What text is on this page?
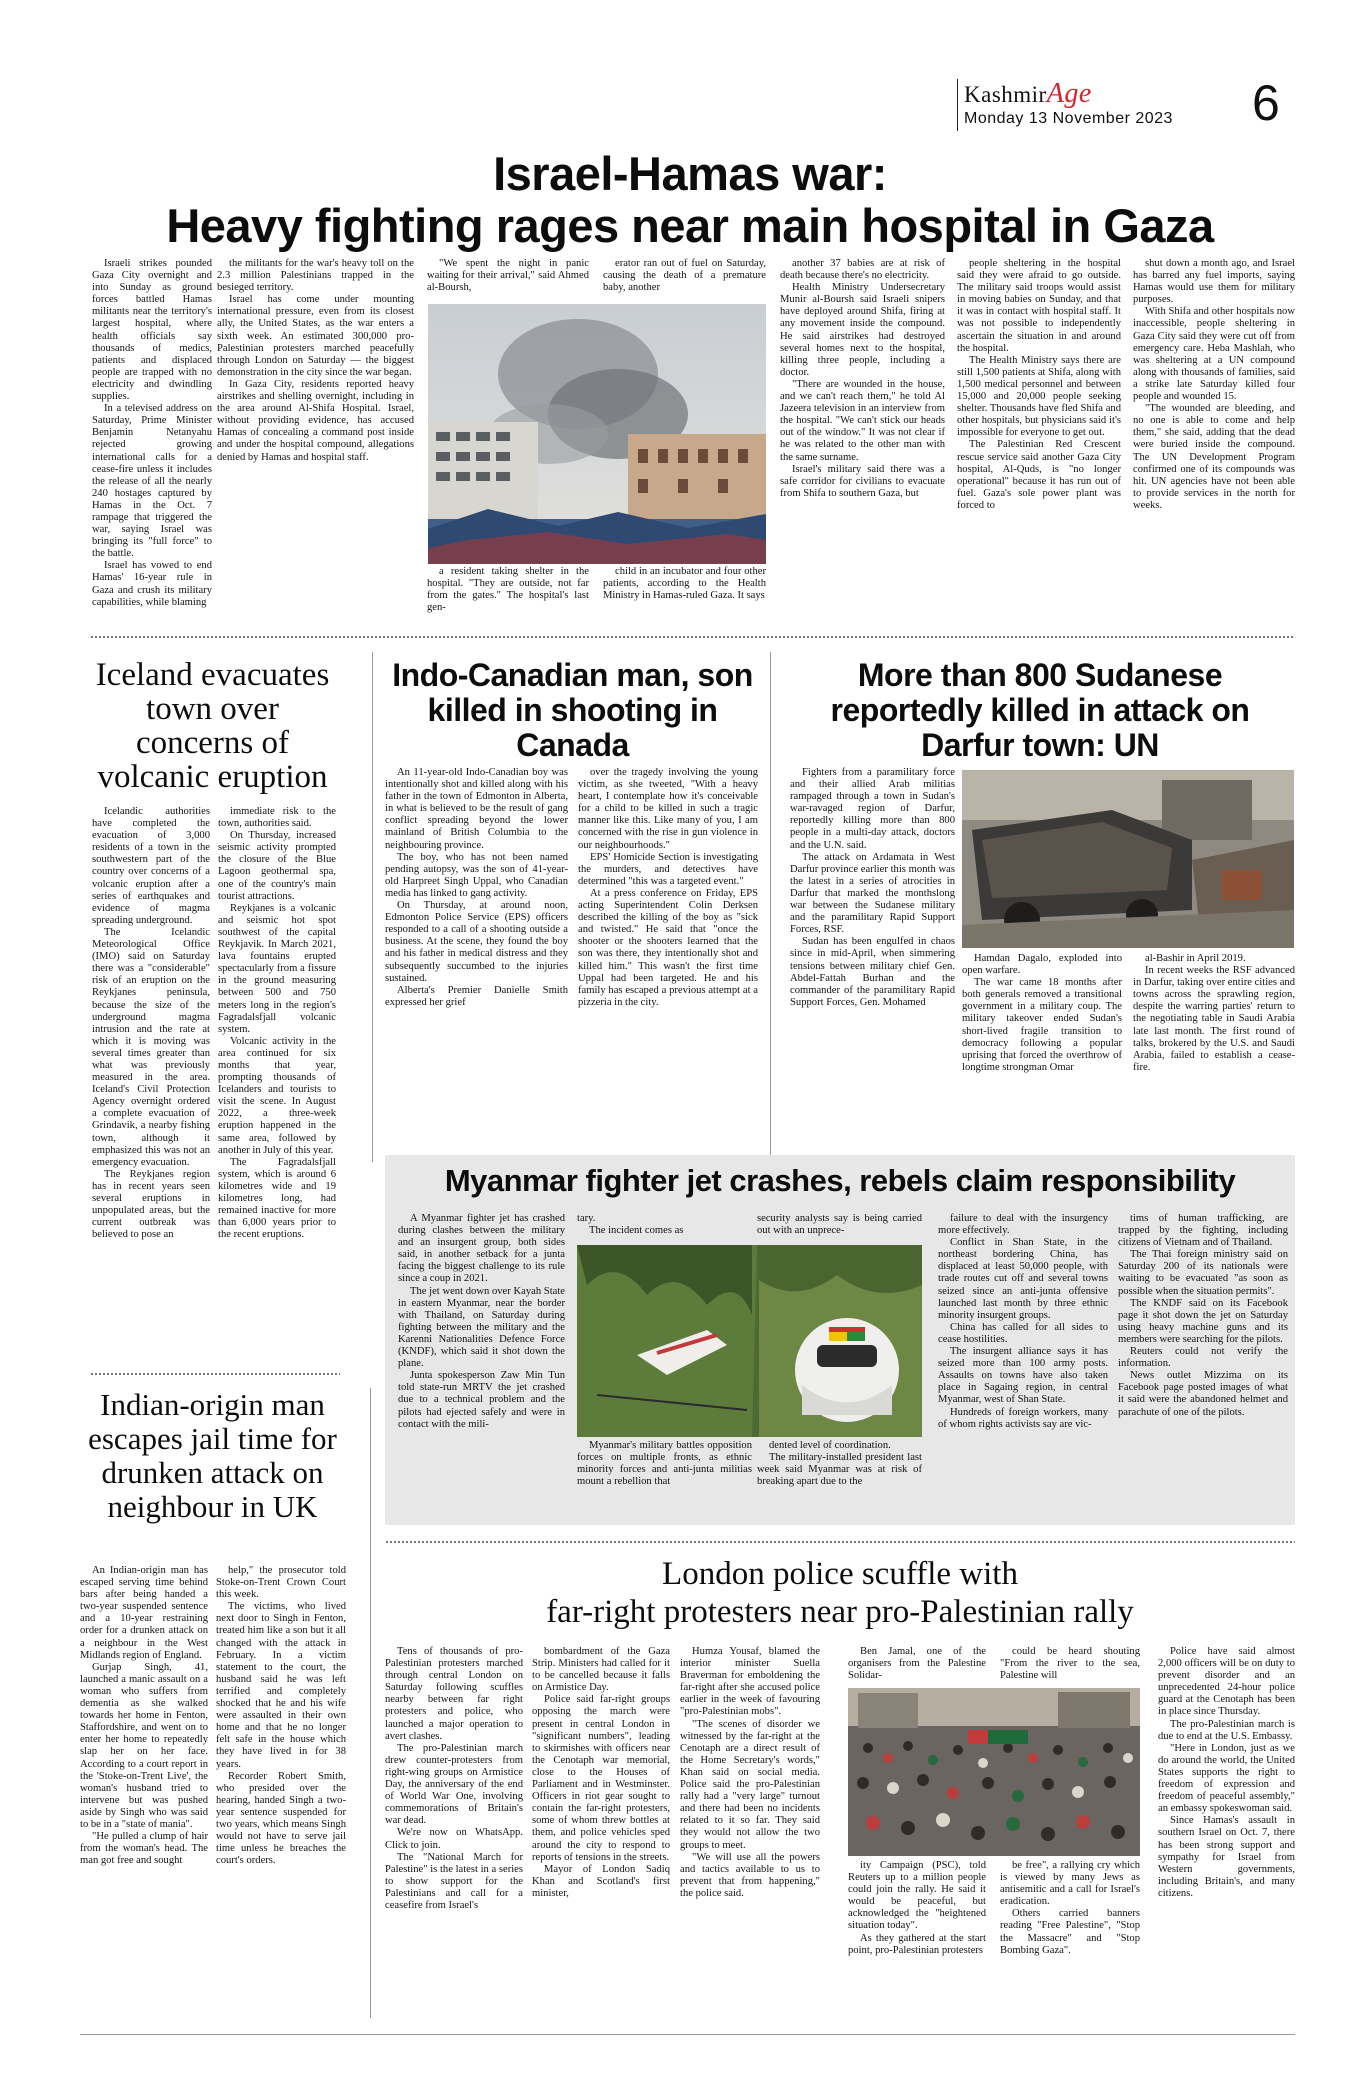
KashmirAge
Monday 13 November 2023 6
Israel-Hamas war:
Heavy fighting rages near main hospital in Gaza

Israeli strikes pounded Gaza City overnight and into Sunday as ground forces battled Hamas militants near the territory's largest hospital, where health officials say thousands of medics, patients and displaced people are trapped with no electricity and dwindling supplies.

In a televised address on Saturday, Prime Minister Benjamin Netanyahu rejected growing international calls for a cease-fire unless it includes the release of all the nearly 240 hostages captured by Hamas in the Oct. 7 rampage that triggered the war, saying Israel was bringing its "full force" to the battle.

Israel has vowed to end Hamas' 16-year rule in Gaza and crush its military capabilities, while blaming

the militants for the war's heavy toll on the 2.3 million Palestinians trapped in the besieged territory.

Israel has come under mounting international pressure, even from its closest ally, the United States, as the war enters a sixth week. An estimated 300,000 pro-Palestinian protesters marched peacefully through London on Saturday — the biggest demonstration in the city since the war began.

In Gaza City, residents reported heavy airstrikes and shelling overnight, including in the area around Al-Shifa Hospital. Israel, without providing evidence, has accused Hamas of concealing a command post inside and under the hospital compound, allegations denied by Hamas and hospital staff.

"We spent the night in panic waiting for their arrival," said Ahmed al-Boursh,

erator ran out of fuel on Saturday, causing the death of a premature baby, another

a resident taking shelter in the hospital. "They are outside, not far from the gates." The hospital's last gen-

child in an incubator and four other patients, according to the Health Ministry in Hamas-ruled Gaza. It says

another 37 babies are at risk of death because there's no electricity.

Health Ministry Undersecretary Munir al-Boursh said Israeli snipers have deployed around Shifa, firing at any movement inside the compound. He said airstrikes had destroyed several homes next to the hospital, killing three people, including a doctor.

"There are wounded in the house, and we can't reach them," he told Al Jazeera television in an interview from the hospital. "We can't stick our heads out of the window." It was not clear if he was related to the other man with the same surname.

Israel's military said there was a safe corridor for civilians to evacuate from Shifa to southern Gaza, but

people sheltering in the hospital said they were afraid to go outside. The military said troops would assist in moving babies on Sunday, and that it was in contact with hospital staff. It was not possible to independently ascertain the situation in and around the hospital.

The Health Ministry says there are still 1,500 patients at Shifa, along with 1,500 medical personnel and between 15,000 and 20,000 people seeking shelter. Thousands have fled Shifa and other hospitals, but physicians said it's impossible for everyone to get out.

The Palestinian Red Crescent rescue service said another Gaza City hospital, Al-Quds, is "no longer operational" because it has run out of fuel. Gaza's sole power plant was forced to

shut down a month ago, and Israel has barred any fuel imports, saying Hamas would use them for military purposes.

With Shifa and other hospitals now inaccessible, people sheltering in Gaza City said they were cut off from emergency care. Heba Mashlah, who was sheltering at a UN compound along with thousands of families, said a strike late Saturday killed four people and wounded 15.

"The wounded are bleeding, and no one is able to come and help them," she said, adding that the dead were buried inside the compound. The UN Development Program confirmed one of its compounds was hit. UN agencies have not been able to provide services in the north for weeks.

Iceland evacuates town over concerns of volcanic eruption

Icelandic authorities have completed the evacuation of 3,000 residents of a town in the southwestern part of the country over concerns of a volcanic eruption after a series of earthquakes and evidence of magma spreading underground.

The Icelandic Meteorological Office (IMO) said on Saturday there was a "considerable" risk of an eruption on the Reykjanes peninsula, because the size of the underground magma intrusion and the rate at which it is moving was several times greater than what was previously measured in the area. Iceland's Civil Protection Agency overnight ordered a complete evacuation of Grindavik, a nearby fishing town, although it emphasized this was not an emergency evacuation.

The Reykjanes region has in recent years seen several eruptions in unpopulated areas, but the current outbreak was believed to pose an

immediate risk to the town, authorities said.

On Thursday, increased seismic activity prompted the closure of the Blue Lagoon geothermal spa, one of the country's main tourist attractions.

Reykjanes is a volcanic and seismic hot spot southwest of the capital Reykjavik. In March 2021, lava fountains erupted spectacularly from a fissure in the ground measuring between 500 and 750 meters long in the region's Fagradalsfjall volcanic system.

Volcanic activity in the area continued for six months that year, prompting thousands of Icelanders and tourists to visit the scene. In August 2022, a three-week eruption happened in the same area, followed by another in July of this year.

The Fagradalsfjall system, which is around 6 kilometres wide and 19 kilometres long, had remained inactive for more than 6,000 years prior to the recent eruptions.

Indo-Canadian man, son killed in shooting in Canada

An 11-year-old Indo-Canadian boy was intentionally shot and killed along with his father in the town of Edmonton in Alberta, in what is believed to be the result of gang conflict spreading beyond the lower mainland of British Columbia to the neighbouring province.

The boy, who has not been named pending autopsy, was the son of 41-year-old Harpreet Singh Uppal, who Canadian media has linked to gang activity.

On Thursday, at around noon, Edmonton Police Service (EPS) officers responded to a call of a shooting outside a business. At the scene, they found the boy and his father in medical distress and they subsequently succumbed to the injuries sustained.

Alberta's Premier Danielle Smith expressed her grief

over the tragedy involving the young victim, as she tweeted, "With a heavy heart, I contemplate how it's conceivable for a child to be killed in such a tragic manner like this. Like many of you, I am concerned with the rise in gun violence in our neighbourhoods."

EPS' Homicide Section is investigating the murders, and detectives have determined "this was a targeted event."

At a press conference on Friday, EPS acting Superintendent Colin Derksen described the killing of the boy as "sick and twisted." He said that "once the shooter or the shooters learned that the son was there, they intentionally shot and killed him." This wasn't the first time Uppal had been targeted. He and his family has escaped a previous attempt at a pizzeria in the city.

More than 800 Sudanese reportedly killed in attack on Darfur town: UN

Fighters from a paramilitary force and their allied Arab militias rampaged through a town in Sudan's war-ravaged region of Darfur, reportedly killing more than 800 people in a multi-day attack, doctors and the U.N. said.

The attack on Ardamata in West Darfur province earlier this month was the latest in a series of atrocities in Darfur that marked the monthslong war between the Sudanese military and the paramilitary Rapid Support Forces, RSF.

Sudan has been engulfed in chaos since in mid-April, when simmering tensions between military chief Gen. Abdel-Fattah Burhan and the commander of the paramilitary Rapid Support Forces, Gen. Mohamed

Hamdan Dagalo, exploded into open warfare.

The war came 18 months after both generals removed a transitional government in a military coup. The military takeover ended Sudan's short-lived fragile transition to democracy following a popular uprising that forced the overthrow of longtime strongman Omar

al-Bashir in April 2019.

In recent weeks the RSF advanced in Darfur, taking over entire cities and towns across the sprawling region, despite the warring parties' return to the negotiating table in Saudi Arabia late last month. The first round of talks, brokered by the U.S. and Saudi Arabia, failed to establish a cease-fire.

Myanmar fighter jet crashes, rebels claim responsibility

A Myanmar fighter jet has crashed during clashes between the military and an insurgent group, both sides said, in another setback for a junta facing the biggest challenge to its rule since a coup in 2021.

The jet went down over Kayah State in eastern Myanmar, near the border with Thailand, on Saturday during fighting between the military and the Karenni Nationalities Defence Force (KNDF), which said it shot down the plane.

Junta spokesperson Zaw Min Tun told state-run MRTV the jet crashed due to a technical problem and the pilots had ejected safely and were in contact with the mili-

tary.
The incident comes as
security analysts say is being carried out with an unprece-

Myanmar's military battles opposition forces on multiple fronts, as ethnic minority forces and anti-junta militias mount a rebellion that

dented level of coordination.

The military-installed president last week said Myanmar was at risk of breaking apart due to the

failure to deal with the insurgency more effectively.

Conflict in Shan State, in the northeast bordering China, has displaced at least 50,000 people, with trade routes cut off and several towns seized since an anti-junta offensive launched last month by three ethnic minority insurgent groups.

China has called for all sides to cease hostilities.

The insurgent alliance says it has seized more than 100 army posts. Assaults on towns have also taken place in Sagaing region, in central Myanmar, west of Shan State.

Hundreds of foreign workers, many of whom rights activists say are vic-

tims of human trafficking, are trapped by the fighting, including citizens of Vietnam and of Thailand.

The Thai foreign ministry said on Saturday 200 of its nationals were waiting to be evacuated "as soon as possible when the situation permits".

The KNDF said on its Facebook page it shot down the jet on Saturday using heavy machine guns and its members were searching for the pilots.

Reuters could not verify the information.

News outlet Mizzima on its Facebook page posted images of what it said were the abandoned helmet and parachute of one of the pilots.

Indian-origin man escapes jail time for drunken attack on neighbour in UK

An Indian-origin man has escaped serving time behind bars after being handed a two-year suspended sentence and a 10-year restraining order for a drunken attack on a neighbour in the West Midlands region of England.

Gurjap Singh, 41, launched a manic assault on a woman who suffers from dementia as she walked towards her home in Fenton, Staffordshire, and went on to enter her home to repeatedly slap her on her face. According to a court report in the 'Stoke-on-Trent Live', the woman's husband tried to intervene but was pushed aside by Singh who was said to be in a "state of mania".

"He pulled a clump of hair from the woman's head. The man got free and sought

help," the prosecutor told Stoke-on-Trent Crown Court this week.

The victims, who lived next door to Singh in Fenton, treated him like a son but it all changed with the attack in February. In a victim statement to the court, the husband said he was left terrified and completely shocked that he and his wife were assaulted in their own home and that he no longer felt safe in the house which they have lived in for 38 years.

Recorder Robert Smith, who presided over the hearing, handed Singh a two-year sentence suspended for two years, which means Singh would not have to serve jail time unless he breaches the court's orders.

London police scuffle with
far-right protesters near pro-Palestinian rally

Tens of thousands of pro-Palestinian protesters marched through central London on Saturday following scuffles nearby between far right protesters and police, who launched a major operation to avert clashes.

The pro-Palestinian march drew counter-protesters from right-wing groups on Armistice Day, the anniversary of the end of World War One, involving commemorations of Britain's war dead.

We're now on WhatsApp. Click to join.

The "National March for Palestine" is the latest in a series to show support for the Palestinians and call for a ceasefire from Israel's

bombardment of the Gaza Strip. Ministers had called for it to be cancelled because it falls on Armistice Day.

Police said far-right groups opposing the march were present in central London in "significant numbers", leading to skirmishes with officers near the Cenotaph war memorial, close to the Houses of Parliament and in Westminster. Officers in riot gear sought to contain the far-right protesters, some of whom threw bottles at them, and police vehicles sped around the city to respond to reports of tensions in the streets.

Mayor of London Sadiq Khan and Scotland's first minister,

Humza Yousaf, blamed the interior minister Suella Braverman for emboldening the far-right after she accused police earlier in the week of favouring "pro-Palestinian mobs".

"The scenes of disorder we witnessed by the far-right at the Cenotaph are a direct result of the Home Secretary's words," Khan said on social media. Police said the pro-Palestinian rally had a "very large" turnout and there had been no incidents related to it so far. They said they would not allow the two groups to meet.

"We will use all the powers and tactics available to us to prevent that from happening," the police said.

Ben Jamal, one of the organisers from the Palestine Solidar-

could be heard shouting "From the river to the sea, Palestine will

ity Campaign (PSC), told Reuters up to a million people could join the rally. He said it would be peaceful, but acknowledged the "heightened situation today".

As they gathered at the start point, pro-Palestinian protesters

be free", a rallying cry which is viewed by many Jews as antisemitic and a call for Israel's eradication.

Others carried banners reading "Free Palestine", "Stop the Massacre" and "Stop Bombing Gaza".

Police have said almost 2,000 officers will be on duty to prevent disorder and an unprecedented 24-hour police guard at the Cenotaph has been in place since Thursday.

The pro-Palestinian march is due to end at the U.S. Embassy.

"Here in London, just as we do around the world, the United States supports the right to freedom of expression and freedom of peaceful assembly," an embassy spokeswoman said.

Since Hamas's assault in southern Israel on Oct. 7, there has been strong support and sympathy for Israel from Western governments, including Britain's, and many citizens.
